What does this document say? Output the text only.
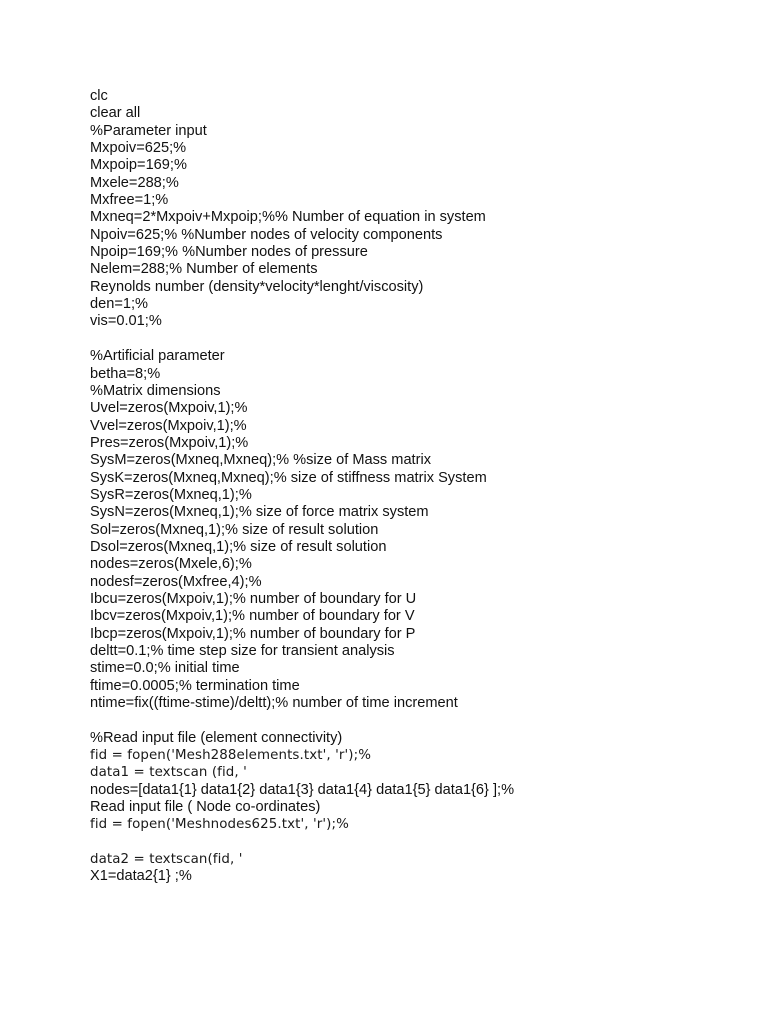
clc
clear all
%Parameter input
Mxpoiv=625;%
Mxpoip=169;%
Mxele=288;%
Mxfree=1;%
Mxneq=2*Mxpoiv+Mxpoip;%% Number of equation in system
Npoiv=625;% %Number nodes of velocity components
Npoip=169;% %Number nodes of pressure
Nelem=288;% Number of elements
Reynolds number (density*velocity*lenght/viscosity)
den=1;%
vis=0.01;%
%Artificial parameter
betha=8;%
%Matrix dimensions
Uvel=zeros(Mxpoiv,1);%
Vvel=zeros(Mxpoiv,1);%
Pres=zeros(Mxpoiv,1);%
SysM=zeros(Mxneq,Mxneq);% %size of Mass matrix
SysK=zeros(Mxneq,Mxneq);% size of stiffness matrix System
SysR=zeros(Mxneq,1);%
SysN=zeros(Mxneq,1);% size of force matrix system
Sol=zeros(Mxneq,1);% size of result solution
Dsol=zeros(Mxneq,1);% size of result solution
nodes=zeros(Mxele,6);%
nodesf=zeros(Mxfree,4);%
Ibcu=zeros(Mxpoiv,1);% number of boundary for U
Ibcv=zeros(Mxpoiv,1);% number of boundary for V
Ibcp=zeros(Mxpoiv,1);% number of boundary for P
deltt=0.1;% time step size for transient analysis
stime=0.0;% initial time
ftime=0.0005;% termination time
ntime=fix((ftime-stime)/deltt);% number of time increment
%Read input file (element connectivity)
fid = fopen('Mesh288elements.txt', 'r');%
data1 = textscan (fid, '
nodes=[data1{1} data1{2} data1{3} data1{4} data1{5} data1{6} ];%
Read input file ( Node co-ordinates)
fid = fopen('Meshnodes625.txt', 'r');%
data2 = textscan(fid, '
X1=data2{1} ;%
